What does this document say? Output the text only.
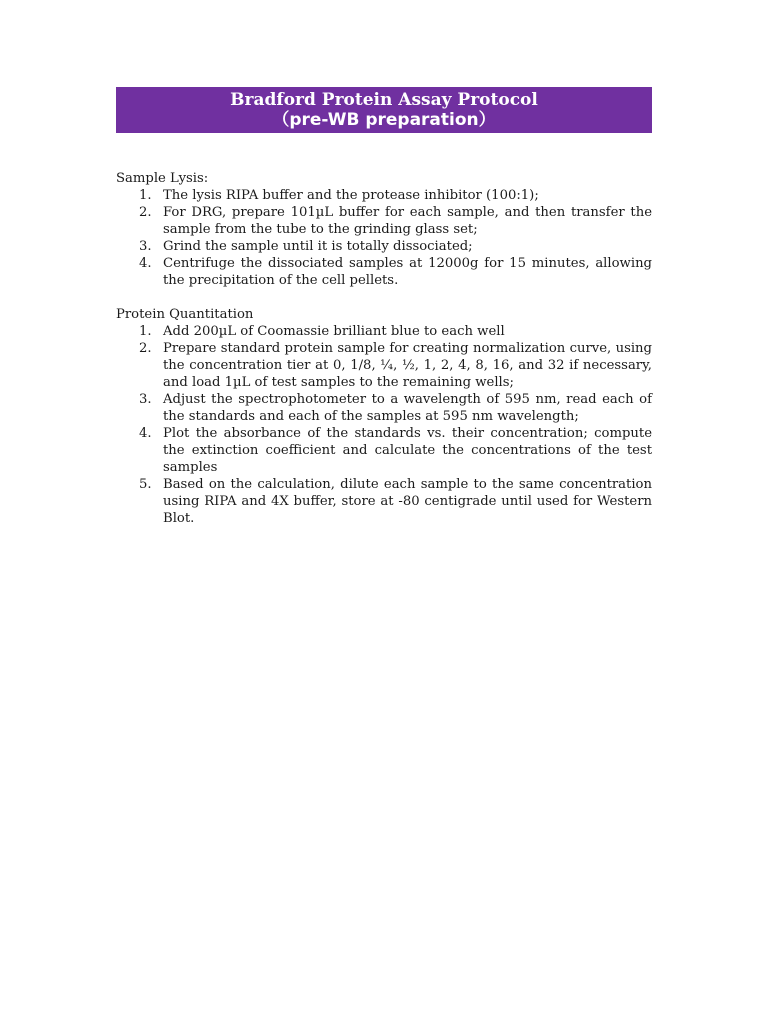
Bradford Protein Assay Protocol
（pre-WB preparation）

Sample Lysis:

1. The lysis RIPA buffer and the protease inhibitor (100:1);
2. For DRG, prepare 101µL buffer for each sample, and then transfer the sample from the tube to the grinding glass set;
3. Grind the sample until it is totally dissociated;
4. Centrifuge the dissociated samples at 12000g for 15 minutes, allowing the precipitation of the cell pellets.

Protein Quantitation

1. Add 200µL of Coomassie brilliant blue to each well
2. Prepare standard protein sample for creating normalization curve, using the concentration tier at 0, 1/8, ¼, ½, 1, 2, 4, 8, 16, and 32 if necessary, and load 1µL of test samples to the remaining wells;
3. Adjust the spectrophotometer to a wavelength of 595 nm, read each of the standards and each of the samples at 595 nm wavelength;
4. Plot the absorbance of the standards vs. their concentration; compute the extinction coefficient and calculate the concentrations of the test samples
5. Based on the calculation, dilute each sample to the same concentration using RIPA and 4X buffer, store at -80 centigrade until used for Western Blot.
